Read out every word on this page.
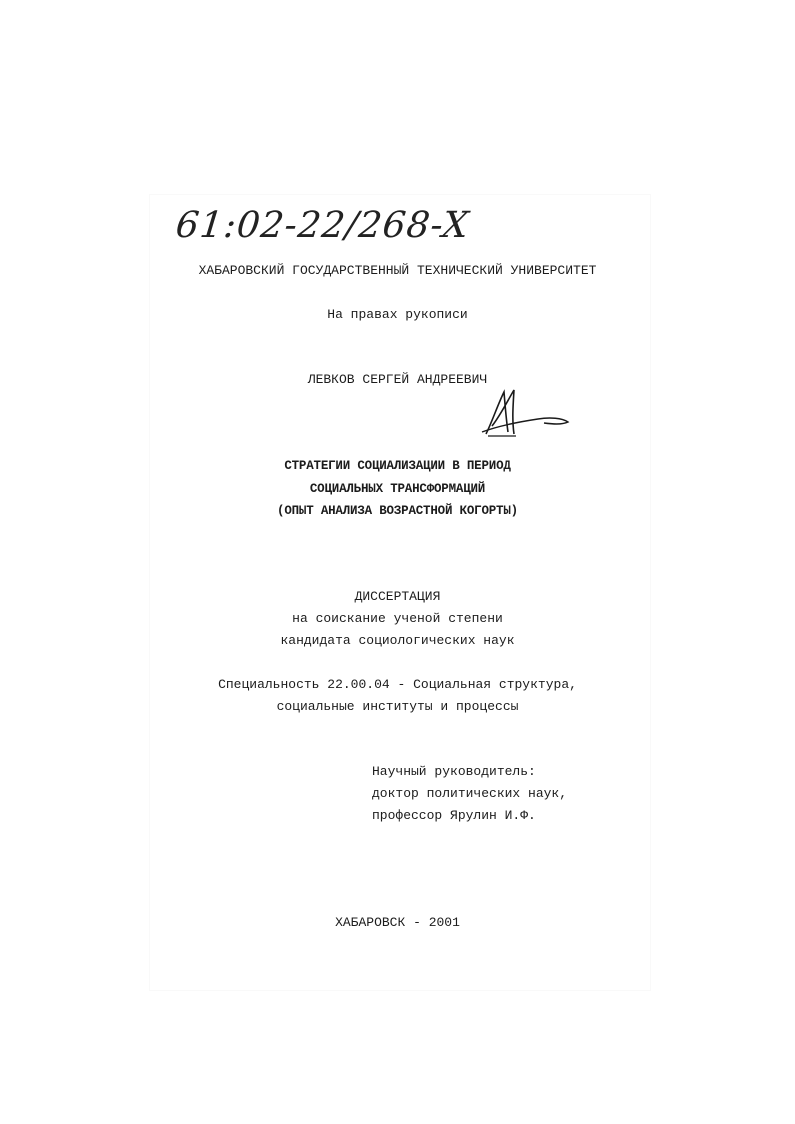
61:02-22/268-X
ХАБАРОВСКИЙ ГОСУДАРСТВЕННЫЙ ТЕХНИЧЕСКИЙ УНИВЕРСИТЕТ
На правах рукописи
ЛЕВКОВ СЕРГЕЙ АНДРЕЕВИЧ
СТРАТЕГИИ СОЦИАЛИЗАЦИИ В ПЕРИОД
СОЦИАЛЬНЫХ ТРАНСФОРМАЦИЙ
(ОПЫТ АНАЛИЗА ВОЗРАСТНОЙ КОГОРТЫ)
ДИССЕРТАЦИЯ
на соискание ученой степени
кандидата социологических наук
Специальность 22.00.04 - Социальная структура,
социальные институты и процессы
Научный руководитель:
доктор политических наук,
профессор Ярулин И.Ф.
ХАБАРОВСК - 2001
